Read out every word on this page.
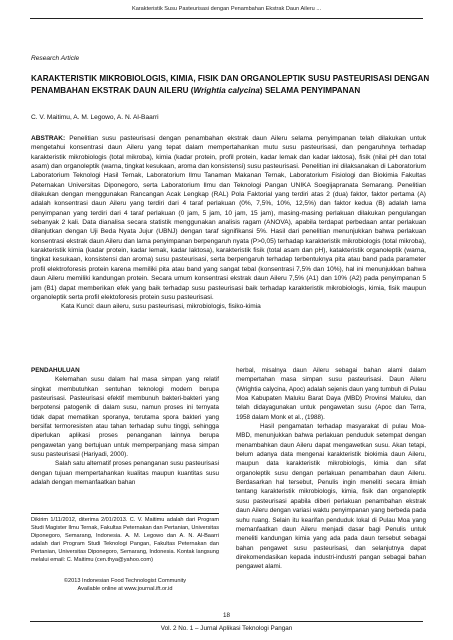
Karakteristik Susu Pasteurisasi dengan Penambahan Ekstrak Daun Aileru ...
Research Article
KARAKTERISTIK MIKROBIOLOGIS, KIMIA, FISIK DAN ORGANOLEPTIK SUSU PASTEURISASI DENGAN PENAMBAHAN EKSTRAK DAUN AILERU (Wrightia calycina) SELAMA PENYIMPANAN
C. V. Maitimu, A. M. Legowo, A. N. Al-Baarri
ABSTRAK: Penelitian susu pasteurisasi dengan penambahan ekstrak daun Aileru selama penyimpanan telah dilakukan untuk mengetahui konsentrasi daun Aileru yang tepat dalam mempertahankan mutu susu pasteurisasi, dan pengaruhnya terhadap karakteristik mikrobiologis (total mikroba), kimia (kadar protein, profil protein, kadar lemak dan kadar laktosa), fisik (nilai pH dan total asam) dan organoleptik (warna, tingkat kesukaan, aroma dan konsistensi) susu pasteurisasi. Penelitian ini dilaksanakan di Laboratorium Laboratorium Teknologi Hasil Ternak, Laboratorium Ilmu Tanaman Makanan Ternak, Laboratorium Fisiologi dan Biokimia Fakultas Peternakan Universitas Diponegoro, serta Laboratorium Ilmu dan Teknologi Pangan UNIKA Soegijapranata Semarang. Penelitian dilakukan dengan menggunakan Rancangan Acak Lengkap (RAL) Pola Faktorial yang terdiri atas 2 (dua) faktor, faktor pertama (A) adalah konsentrasi daun Aileru yang terdiri dari 4 taraf perlakuan (0%, 7,5%, 10%, 12,5%) dan faktor kedua (B) adalah lama penyimpanan yang terdiri dari 4 taraf perlakuan (0 jam, 5 jam, 10 jam, 15 jam), masing-masing perlakuan dilakukan pengulangan sebanyak 2 kali. Data dianalisa secara statistik menggunakan analisis ragam (ANOVA), apabila terdapat perbedaan antar perlakuan dilanjutkan dengan Uji Beda Nyata Jujur (UBNJ) dengan taraf signifikansi 5%. Hasil dari penelitian menunjukkan bahwa perlakuan konsentrasi ekstrak daun Aileru dan lama penyimpanan berpengaruh nyata (P>0,05) terhadap karakteristik mikrobiologis (total mikroba), karakteristik kimia (kadar protein, kadar lemak, kadar laktosa), karakteristik fisik (total asam dan pH), katakteristik organoleptik (warna, tingkat kesukaan, konsistensi dan aroma) susu pasteurisasi, serta berpengaruh terhadap terbentuknya pita atau band pada parameter profil elektroforesis protein karena memiliki pita atau band yang sangat tebal (konsentrasi 7,5% dan 10%), hal ini menunjukkan bahwa daun Aileru memiliki kandungan protein. Secara umum konsentrasi ekstrak daun Aileru 7,5% (A1) dan 10% (A2) pada penyimpanan 5 jam (B1) dapat memberikan efek yang baik terhadap susu pasteurisasi baik terhadap karakteristik mikrobiologis, kimia, fisik maupun organoleptik serta profil elektoforesis protein susu pasteurisasi.
Kata Kunci: daun aileru, susu pasteurisasi, mikrobiologis, fisiko-kimia
PENDAHULUAN

Kelemahan susu dalam hal masa simpan yang relatif singkat membutuhkan sentuhan teknologi modern berupa pasteurisasi. Pasteurisasi efektif membunuh bakteri-bakteri yang berpotensi patogenik di dalam susu, namun proses ini ternyata tidak dapat mematikan sporanya, terutama spora bakteri yang bersifat termoresisten atau tahan terhadap suhu tinggi, sehingga diperlukan aplikasi proses penanganan lainnya berupa pengawetan yang bertujuan untuk memperpanjang masa simpan susu pasteurisasi (Hariyadi, 2000).

Salah satu alternatif proses penanganan susu pasteurisasi dengan tujuan mempertahankan kualitas maupun kuantitas susu adalah dengan memanfaatkan bahan

herbal, misalnya daun Aileru sebagai bahan alami dalam mempertahan masa simpan susu pasteurisasi. Daun Aileru (Wrightia calycina, Apoc) adalah sejenis daun yang tumbuh di Pulau Moa Kabupaten Maluku Barat Daya (MBD) Provinsi Maluku, dan telah didayagunakan untuk pengawetan susu (Apoc dan Terra, 1958 dalam Monk et al., (1988).

Hasil pengamatan terhadap masyarakat di pulau Moa-MBD, menunjukkan bahwa perlakuan penduduk setempat dengan menambahkan daun Aileru dapat mengawetkan susu. Akan tetapi, belum adanya data mengenai karakteristik biokimia daun Aileru, maupun data karakteristik mikrobiologis, kimia dan sifat organoleptik susu dengan perlakuan penambahan daun Aileru. Berdasarkan hal tersebut, Penulis ingin meneliti secara ilmiah tentang karakteristik mikrobiologis, kimia, fisik dan organoleptik susu pasteurisasi apabila diberi perlakuan penambahan ekstrak daun Aileru dengan variasi waktu penyimpanan yang berbeda pada suhu ruang. Selain itu kearifan penduduk lokal di Pulau Moa yang memanfaatkan daun Aileru menjadi dasar bagi Penulis untuk meneliti kandungan kimia yang ada pada daun tersebut sebagai bahan pengawet susu pasteurisasi, dan selanjutnya dapat direkomendasikan kepada industri-industri pangan sebagai bahan pengawet alami.

Dikirim 1/11/2012, diterima 2/01/2013. C. V. Maitimu adalah dari Program Studi Magister Ilmu Ternak, Fakultas Peternakan dan Pertanian, Universitas Diponegoro, Semarang, Indonesia. A. M. Legowo dan A. N. Al-Baarri adalah dari Program Studi Teknologi Pangan, Fakultas Peternakan dan Pertanian, Universitas Diponegoro, Semarang, Indonesia. Kontak langsung melalui email: C. Maitimu (cen.thya@yahoo.com)
©2013 Indonesian Food Technologist Community
Available online at www.journal.ift.or.id
18
Vol. 2 No. 1 – Jurnal Aplikasi Teknologi Pangan
